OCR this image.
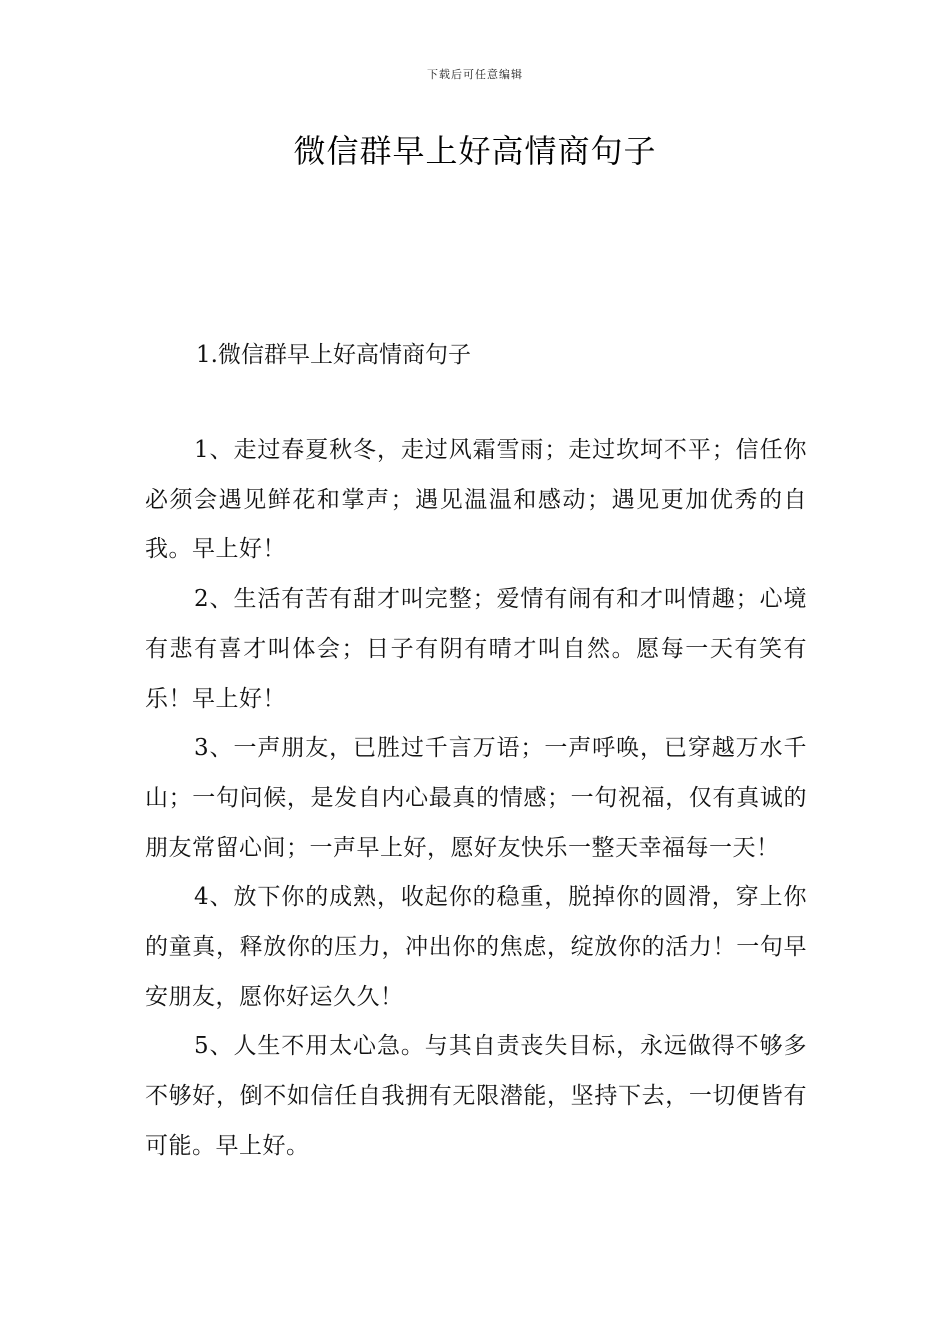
下载后可任意编辑
微信群早上好高情商句子
1.微信群早上好高情商句子

1、走过春夏秋冬，走过风霜雪雨；走过坎坷不平；信任你必须会遇见鲜花和掌声；遇见温温和感动；遇见更加优秀的自我。早上好！

2、生活有苦有甜才叫完整；爱情有闹有和才叫情趣；心境有悲有喜才叫体会；日子有阴有晴才叫自然。愿每一天有笑有乐！早上好！

3、一声朋友，已胜过千言万语；一声呼唤，已穿越万水千山；一句问候，是发自内心最真的情感；一句祝福，仅有真诚的朋友常留心间；一声早上好，愿好友快乐一整天幸福每一天！

4、放下你的成熟，收起你的稳重，脱掉你的圆滑，穿上你的童真，释放你的压力，冲出你的焦虑，绽放你的活力！一句早安朋友，愿你好运久久！

5、人生不用太心急。与其自责丧失目标，永远做得不够多不够好，倒不如信任自我拥有无限潜能，坚持下去，一切便皆有可能。早上好。
